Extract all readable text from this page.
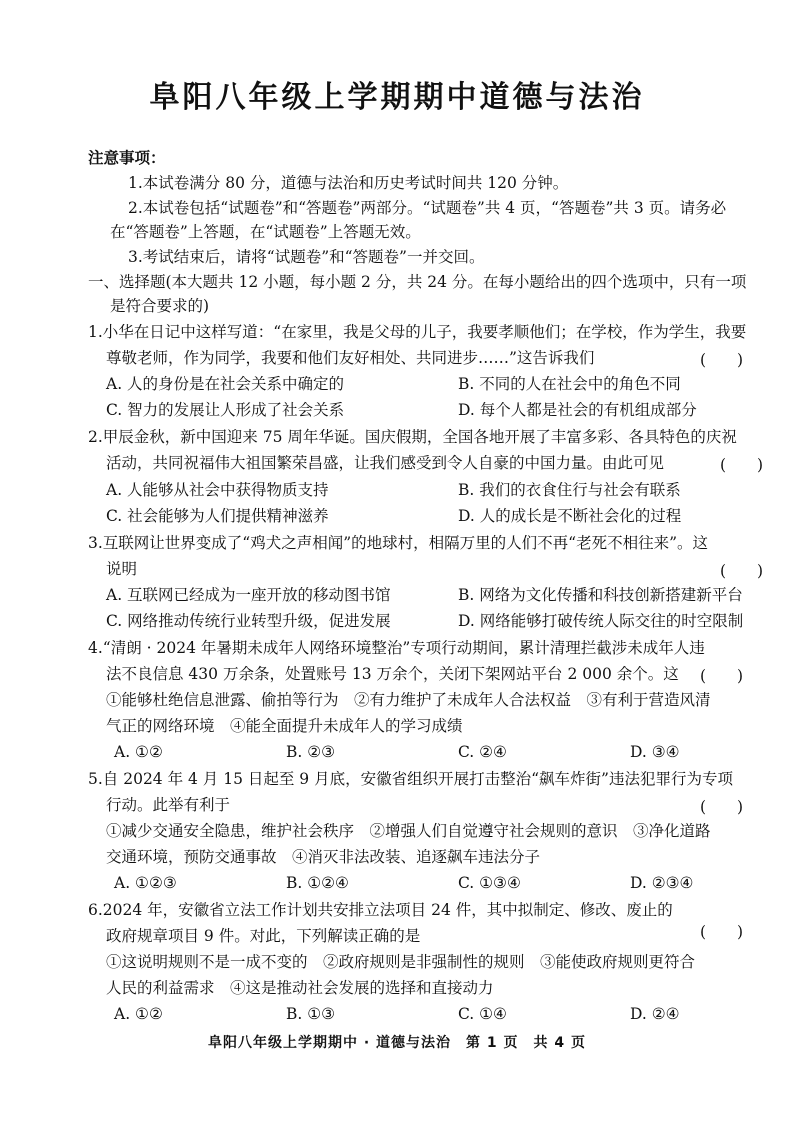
阜阳八年级上学期期中道德与法治
注意事项：
1.本试卷满分 80 分，道德与法治和历史考试时间共 120 分钟。
2.本试卷包括“试题卷”和“答题卷”两部分。“试题卷”共 4 页，“答题卷”共 3 页。请务必
在“答题卷”上答题，在“试题卷”上答题无效。
3.考试结束后，请将“试题卷”和“答题卷”一并交回。
一、选择题(本大题共 12 小题，每小题 2 分，共 24 分。在每小题给出的四个选项中，只有一项
是符合要求的)
1.小华在日记中这样写道：“在家里，我是父母的儿子，我要孝顺他们；在学校，作为学生，我要
尊敬老师，作为同学，我要和他们友好相处、共同进步……”这告诉我们	(　　)
A. 人的身份是在社会关系中确定的	B. 不同的人在社会中的角色不同
C. 智力的发展让人形成了社会关系	D. 每个人都是社会的有机组成部分
2.甲辰金秋，新中国迎来 75 周年华诞。国庆假期，全国各地开展了丰富多彩、各具特色的庆祝
活动，共同祝福伟大祖国繁荣昌盛，让我们感受到令人自豪的中国力量。由此可见	(　　)
A. 人能够从社会中获得物质支持	B. 我们的衣食住行与社会有联系
C. 社会能够为人们提供精神滋养	D. 人的成长是不断社会化的过程
3.互联网让世界变成了“鸡犬之声相闻”的地球村，相隔万里的人们不再“老死不相往来”。这
说明	(　　)
A. 互联网已经成为一座开放的移动图书馆	B. 网络为文化传播和科技创新搭建新平台
C. 网络推动传统行业转型升级，促进发展	D. 网络能够打破传统人际交往的时空限制
4.“清朗 · 2024 年暑期未成年人网络环境整治”专项行动期间，累计清理拦截涉未成年人违
法不良信息 430 万余条，处置账号 13 万余个，关闭下架网站平台 2 000 余个。这 (　　)
①能够杜绝信息泄露、偷拍等行为　②有力维护了未成年人合法权益　③有利于营造风清
气正的网络环境　④能全面提升未成年人的学习成绩
A. ①②	B. ②③	C. ②④	D. ③④
5.自 2024 年 4 月 15 日起至 9 月底，安徽省组织开展打击整治“飙车炸街”违法犯罪行为专项
行动。此举有利于	(　　)
①减少交通安全隐患，维护社会秩序　②增强人们自觉遵守社会规则的意识　③净化道路
交通环境，预防交通事故　④消灭非法改装、追逐飙车违法分子
A. ①②③	B. ①②④	C. ①③④	D. ②③④
6.2024 年，安徽省立法工作计划共安排立法项目 24 件，其中拟制定、修改、废止的
政府规章项目 9 件。对此，下列解读正确的是	(　　)
①这说明规则不是一成不变的　②政府规则是非强制性的规则　③能使政府规则更符合
人民的利益需求　④这是推动社会发展的选择和直接动力
A. ①②	B. ①③	C. ①④	D. ②④
阜阳八年级上学期期中 · 道德与法治　第 1 页　共 4 页
